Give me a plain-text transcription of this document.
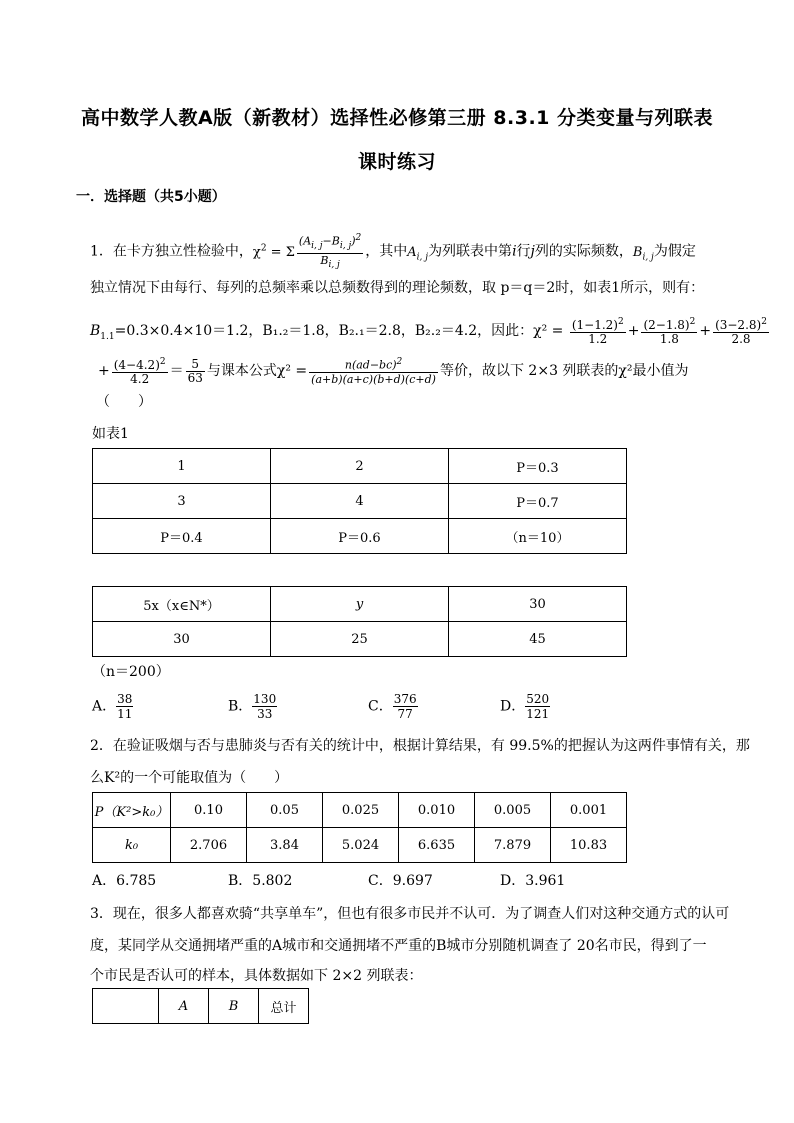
高中数学人教A版（新教材）选择性必修第三册 8.3.1 分类变量与列联表
课时练习
一．选择题（共5小题）
1．在卡方独立性检验中，$\chi^2 = \Sigma \frac{(A_{i, j}-B_{i, j})^2}{B_{i, j}}$ ，其中$A_{i, j}$为列联表中第i行j列的实际频数，$B_{i, j}$为假定
独立情况下由每行、每列的总频率乘以总频数得到的理论频数，取 p＝q＝2时，如表1所示，则有：
$B_{1.1}=0.3\times 0.4\times 10=1.2$，B₁.₂＝1.8，B₂.₁＝2.8，B₂.₂＝4.2，因此：$\chi^2 = \frac{(1-1.2)^2}{1.2} + \frac{(2-1.8)^2}{1.8} + \frac{(3-2.8)^2}{2.8}$
+ $\frac{(4-4.2)^2}{4.2} = \frac{5}{63}$ 与课本公式$\chi^2 = \frac{n(ad-bc)^2}{(a+b)(a+c)(b+d)(c+d)}$ 等价，故以下 2×3 列联表的χ²最小值为
（　　）
如表1
1	2	P＝0.3
3	4	P＝0.7
P＝0.4	P＝0.6	（n＝10）
5x（x∈N*）	y	30
30	25	45
（n＝200）
A． $\frac{38}{11}$	B． $\frac{130}{33}$	C． $\frac{376}{77}$	D． $\frac{520}{121}$
2．在验证吸烟与否与患肺炎与否有关的统计中，根据计算结果，有 99.5%的把握认为这两件事情有关，那
么K²的一个可能取值为（　　）
P（K²>k₀）	0.10	0.05	0.025	0.010	0.005	0.001
k₀	2.706	3.84	5.024	6.635	7.879	10.83
A．6.785	B．5.802	C．9.697	D．3.961
3．现在，很多人都喜欢骑“共享单车”，但也有很多市民并不认可．为了调查人们对这种交通方式的认可
度，某同学从交通拥堵严重的A城市和交通拥堵不严重的B城市分别随机调查了 20名市民，得到了一
个市民是否认可的样本，具体数据如下 2×2 列联表：
	A	B	总计
